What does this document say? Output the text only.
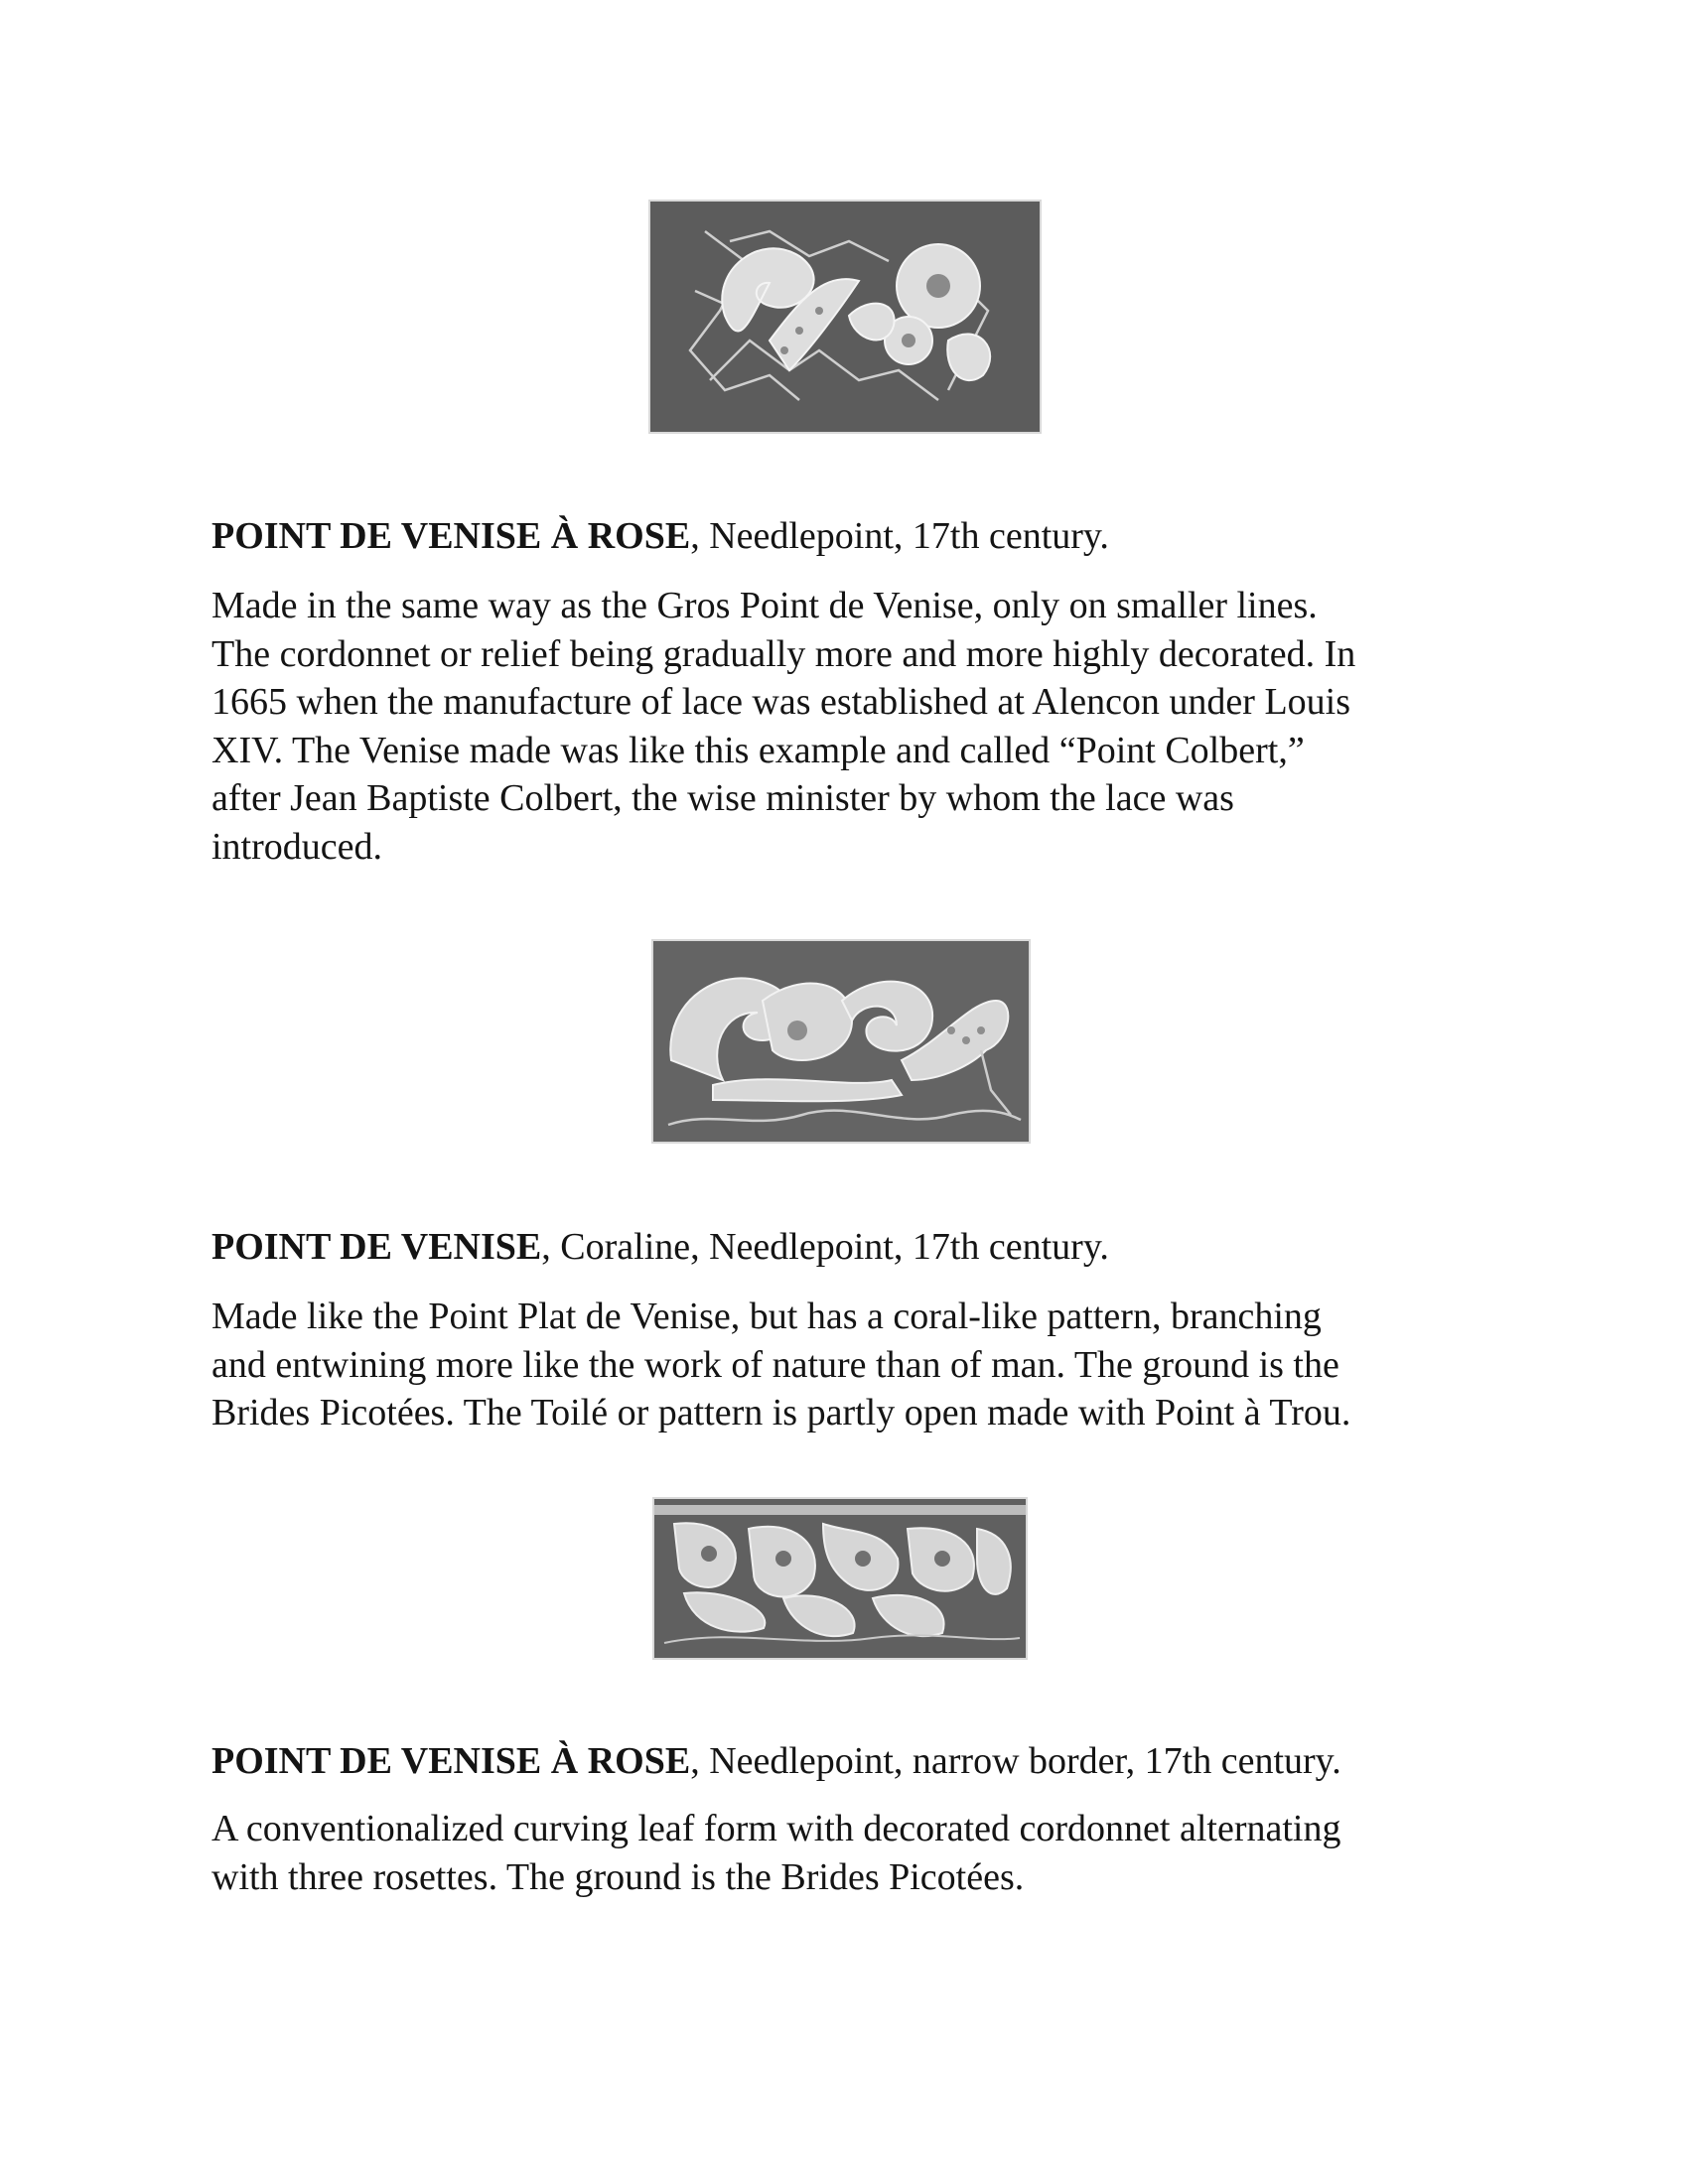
POINT DE VENISE À ROSE, Needlepoint, 17th century.

Made in the same way as the Gros Point de Venise, only on smaller lines.
The cordonnet or relief being gradually more and more highly decorated. In
1665 when the manufacture of lace was established at Alencon under Louis
XIV. The Venise made was like this example and called “Point Colbert,”
after Jean Baptiste Colbert, the wise minister by whom the lace was
introduced.

POINT DE VENISE, Coraline, Needlepoint, 17th century.

Made like the Point Plat de Venise, but has a coral-like pattern, branching
and entwining more like the work of nature than of man. The ground is the
Brides Picotées. The Toilé or pattern is partly open made with Point à Trou.

POINT DE VENISE À ROSE, Needlepoint, narrow border, 17th century.

A conventionalized curving leaf form with decorated cordonnet alternating
with three rosettes. The ground is the Brides Picotées.
